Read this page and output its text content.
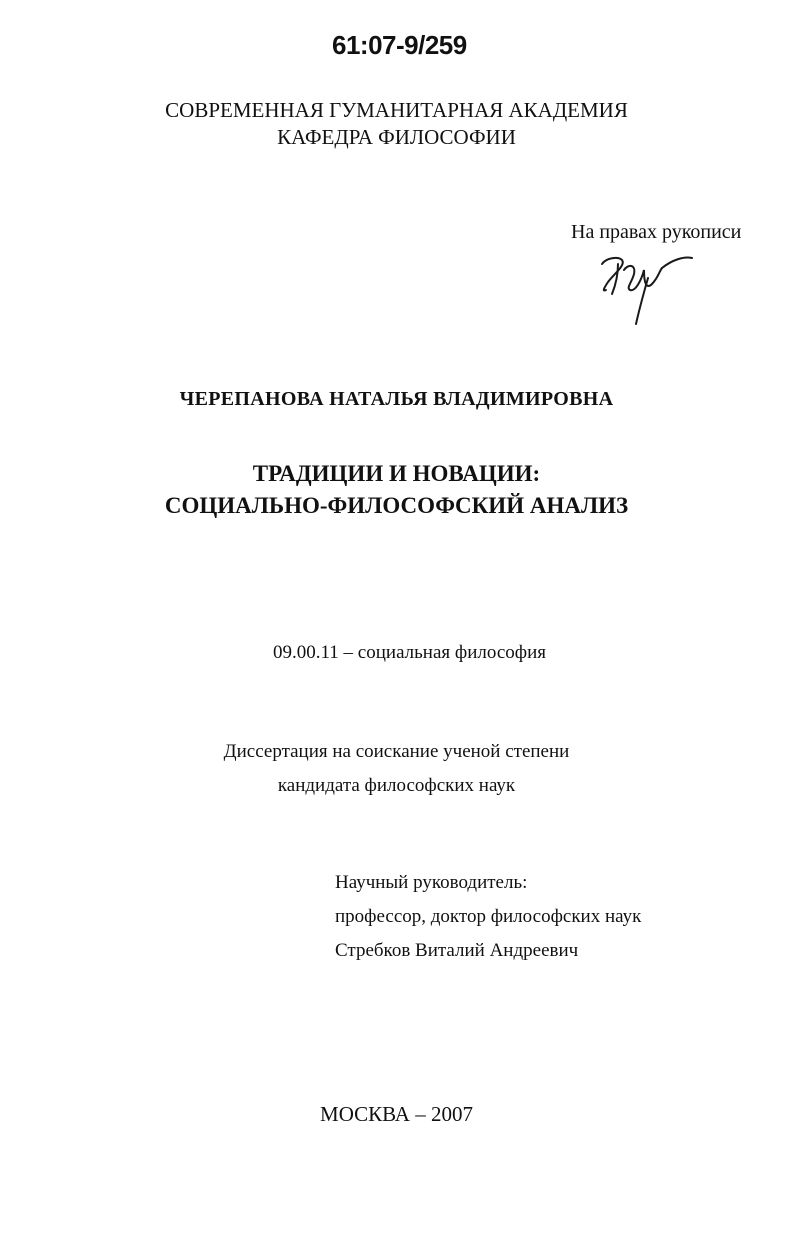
61:07-9/259
СОВРЕМЕННАЯ ГУМАНИТАРНАЯ АКАДЕМИЯ
КАФЕДРА ФИЛОСОФИИ
На правах рукописи
ЧЕРЕПАНОВА НАТАЛЬЯ ВЛАДИМИРОВНА
ТРАДИЦИИ И НОВАЦИИ:
СОЦИАЛЬНО-ФИЛОСОФСКИЙ АНАЛИЗ
09.00.11 – социальная философия
Диссертация на соискание ученой степени
кандидата философских наук
Научный руководитель:
профессор, доктор философских наук
Стребков Виталий Андреевич
МОСКВА – 2007
